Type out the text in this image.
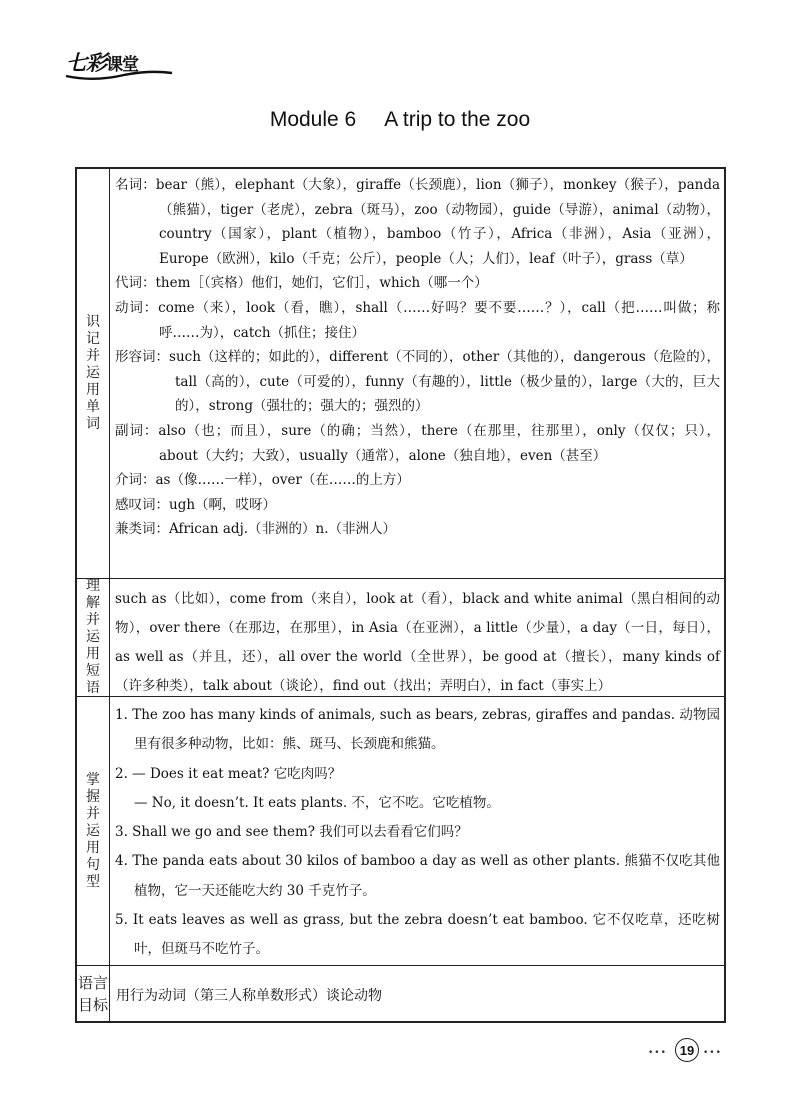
七彩课堂
Module 6 A trip to the zoo
识记并运用单词
名词：bear（熊），elephant（大象），giraffe（长颈鹿），lion（狮子），monkey（猴子），panda（熊猫），tiger（老虎），zebra（斑马），zoo（动物园），guide（导游），animal（动物），country（国家），plant（植物），bamboo（竹子），Africa（非洲），Asia（亚洲），Europe（欧洲），kilo（千克；公斤），people（人；人们），leaf（叶子），grass（草）
代词：them［（宾格）他们，她们，它们］，which（哪一个）
动词：come（来），look（看，瞧），shall（……好吗？要不要……？），call（把……叫做；称呼……为），catch（抓住；接住）
形容词：such（这样的；如此的），different（不同的），other（其他的），dangerous（危险的），tall（高的），cute（可爱的），funny（有趣的），little（极少量的），large（大的，巨大的），strong（强壮的；强大的；强烈的）
副词：also（也；而且），sure（的确；当然），there（在那里，往那里），only（仅仅；只），about（大约；大致），usually（通常），alone（独自地），even（甚至）
介词：as（像……一样），over（在……的上方）
感叹词：ugh（啊，哎呀）
兼类词：African adj.（非洲的）n.（非洲人）
理解并运用短语
such as（比如），come from（来自），look at（看），black and white animal（黑白相间的动物），over there（在那边，在那里），in Asia（在亚洲），a little（少量），a day（一日，每日），as well as（并且，还），all over the world（全世界），be good at（擅长），many kinds of（许多种类），talk about（谈论），find out（找出；弄明白），in fact（事实上）
掌握并运用句型
1. The zoo has many kinds of animals, such as bears, zebras, giraffes and pandas. 动物园里有很多种动物，比如：熊、斑马、长颈鹿和熊猫。
2. — Does it eat meat? 它吃肉吗？
— No, it doesn’t. It eats plants. 不，它不吃。它吃植物。
3. Shall we go and see them? 我们可以去看看它们吗？
4. The panda eats about 30 kilos of bamboo a day as well as other plants. 熊猫不仅吃其他植物，它一天还能吃大约 30 千克竹子。
5. It eats leaves as well as grass, but the zebra doesn’t eat bamboo. 它不仅吃草，还吃树叶，但斑马不吃竹子。
语言目标 用行为动词（第三人称单数形式）谈论动物
••• 19 •••
